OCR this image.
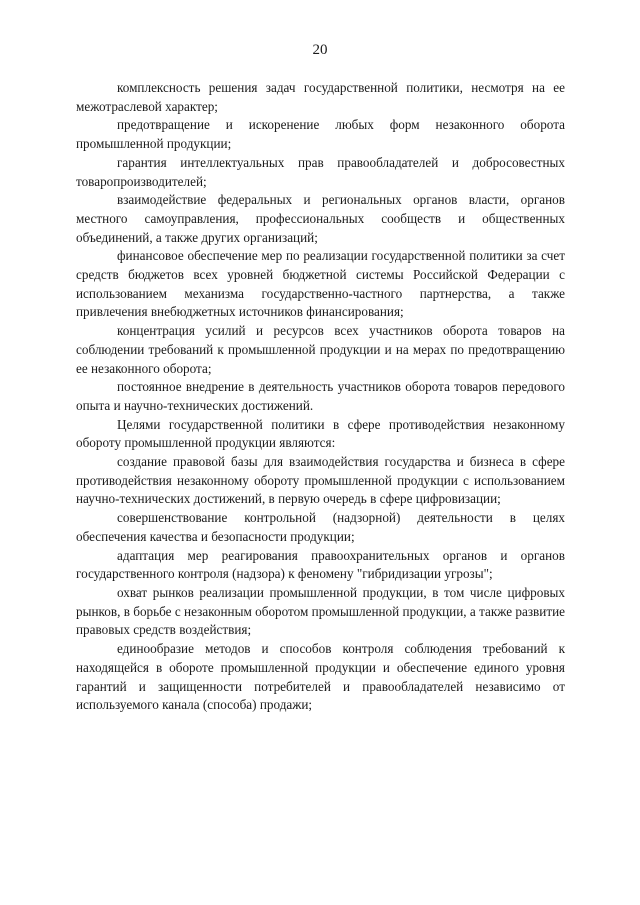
20

комплексность решения задач государственной политики, несмотря на ее межотраслевой характер;

предотвращение и искоренение любых форм незаконного оборота промышленной продукции;

гарантия интеллектуальных прав правообладателей и добросовестных товаропроизводителей;

взаимодействие федеральных и региональных органов власти, органов местного самоуправления, профессиональных сообществ и общественных объединений, а также других организаций;

финансовое обеспечение мер по реализации государственной политики за счет средств бюджетов всех уровней бюджетной системы Российской Федерации с использованием механизма государственно-частного партнерства, а также привлечения внебюджетных источников финансирования;

концентрация усилий и ресурсов всех участников оборота товаров на соблюдении требований к промышленной продукции и на мерах по предотвращению ее незаконного оборота;

постоянное внедрение в деятельность участников оборота товаров передового опыта и научно-технических достижений.

Целями государственной политики в сфере противодействия незаконному обороту промышленной продукции являются:

создание правовой базы для взаимодействия государства и бизнеса в сфере противодействия незаконному обороту промышленной продукции с использованием научно-технических достижений, в первую очередь в сфере цифровизации;

совершенствование контрольной (надзорной) деятельности в целях обеспечения качества и безопасности продукции;

адаптация мер реагирования правоохранительных органов и органов государственного контроля (надзора) к феномену "гибридизации угрозы";

охват рынков реализации промышленной продукции, в том числе цифровых рынков, в борьбе с незаконным оборотом промышленной продукции, а также развитие правовых средств воздействия;

единообразие методов и способов контроля соблюдения требований к находящейся в обороте промышленной продукции и обеспечение единого уровня гарантий и защищенности потребителей и правообладателей независимо от используемого канала (способа) продажи;
